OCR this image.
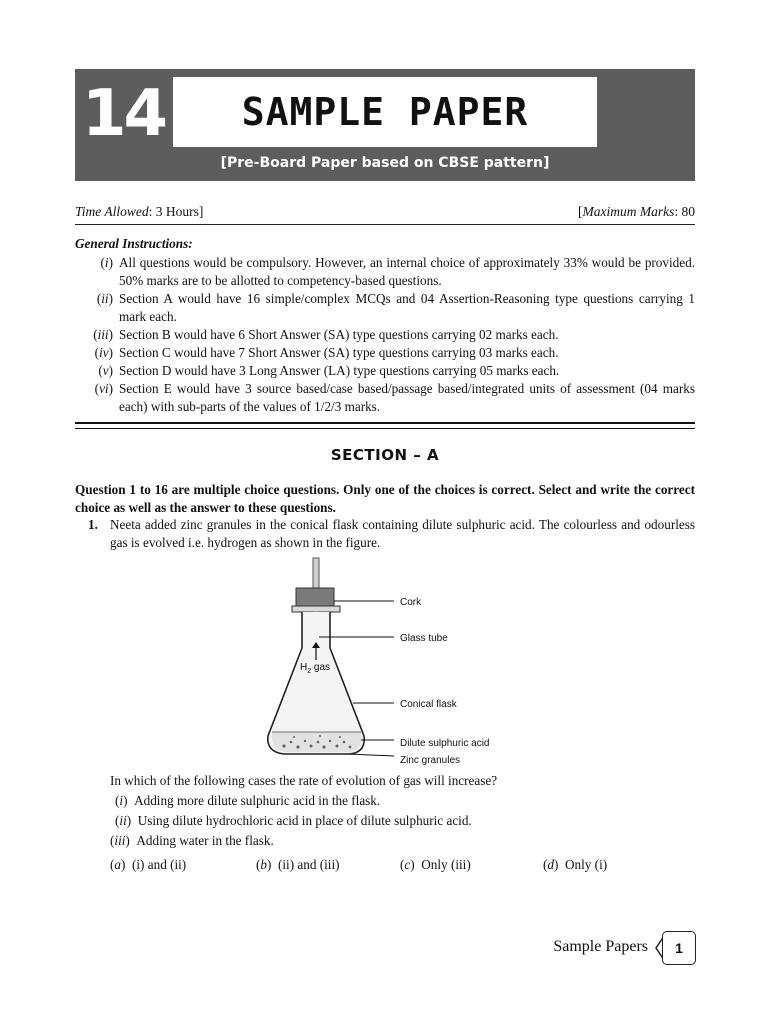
14 SAMPLE PAPER
[Pre-Board Paper based on CBSE pattern]
Time Allowed: 3 Hours]	[Maximum Marks: 80
General Instructions:
(i) All questions would be compulsory. However, an internal choice of approximately 33% would be provided. 50% marks are to be allotted to competency-based questions.
(ii) Section A would have 16 simple/complex MCQs and 04 Assertion-Reasoning type questions carrying 1 mark each.
(iii) Section B would have 6 Short Answer (SA) type questions carrying 02 marks each.
(iv) Section C would have 7 Short Answer (SA) type questions carrying 03 marks each.
(v) Section D would have 3 Long Answer (LA) type questions carrying 05 marks each.
(vi) Section E would have 3 source based/case based/passage based/integrated units of assessment (04 marks each) with sub-parts of the values of 1/2/3 marks.
SECTION – A
Question 1 to 16 are multiple choice questions. Only one of the choices is correct. Select and write the correct choice as well as the answer to these questions.
1. Neeta added zinc granules in the conical flask containing dilute sulphuric acid. The colourless and odourless gas is evolved i.e. hydrogen as shown in the figure.
$H_2$ gas
Cork
Glass tube
Conical flask
Dilute sulphuric acid
Zinc granules
In which of the following cases the rate of evolution of gas will increase?
(i)  Adding more dilute sulphuric acid in the flask.
(ii)  Using dilute hydrochloric acid in place of dilute sulphuric acid.
(iii)  Adding water in the flask.
(a)  (i) and (ii)	(b)  (ii) and (iii)	(c)  Only (iii)	(d)  Only (i)
Sample Papers	1
